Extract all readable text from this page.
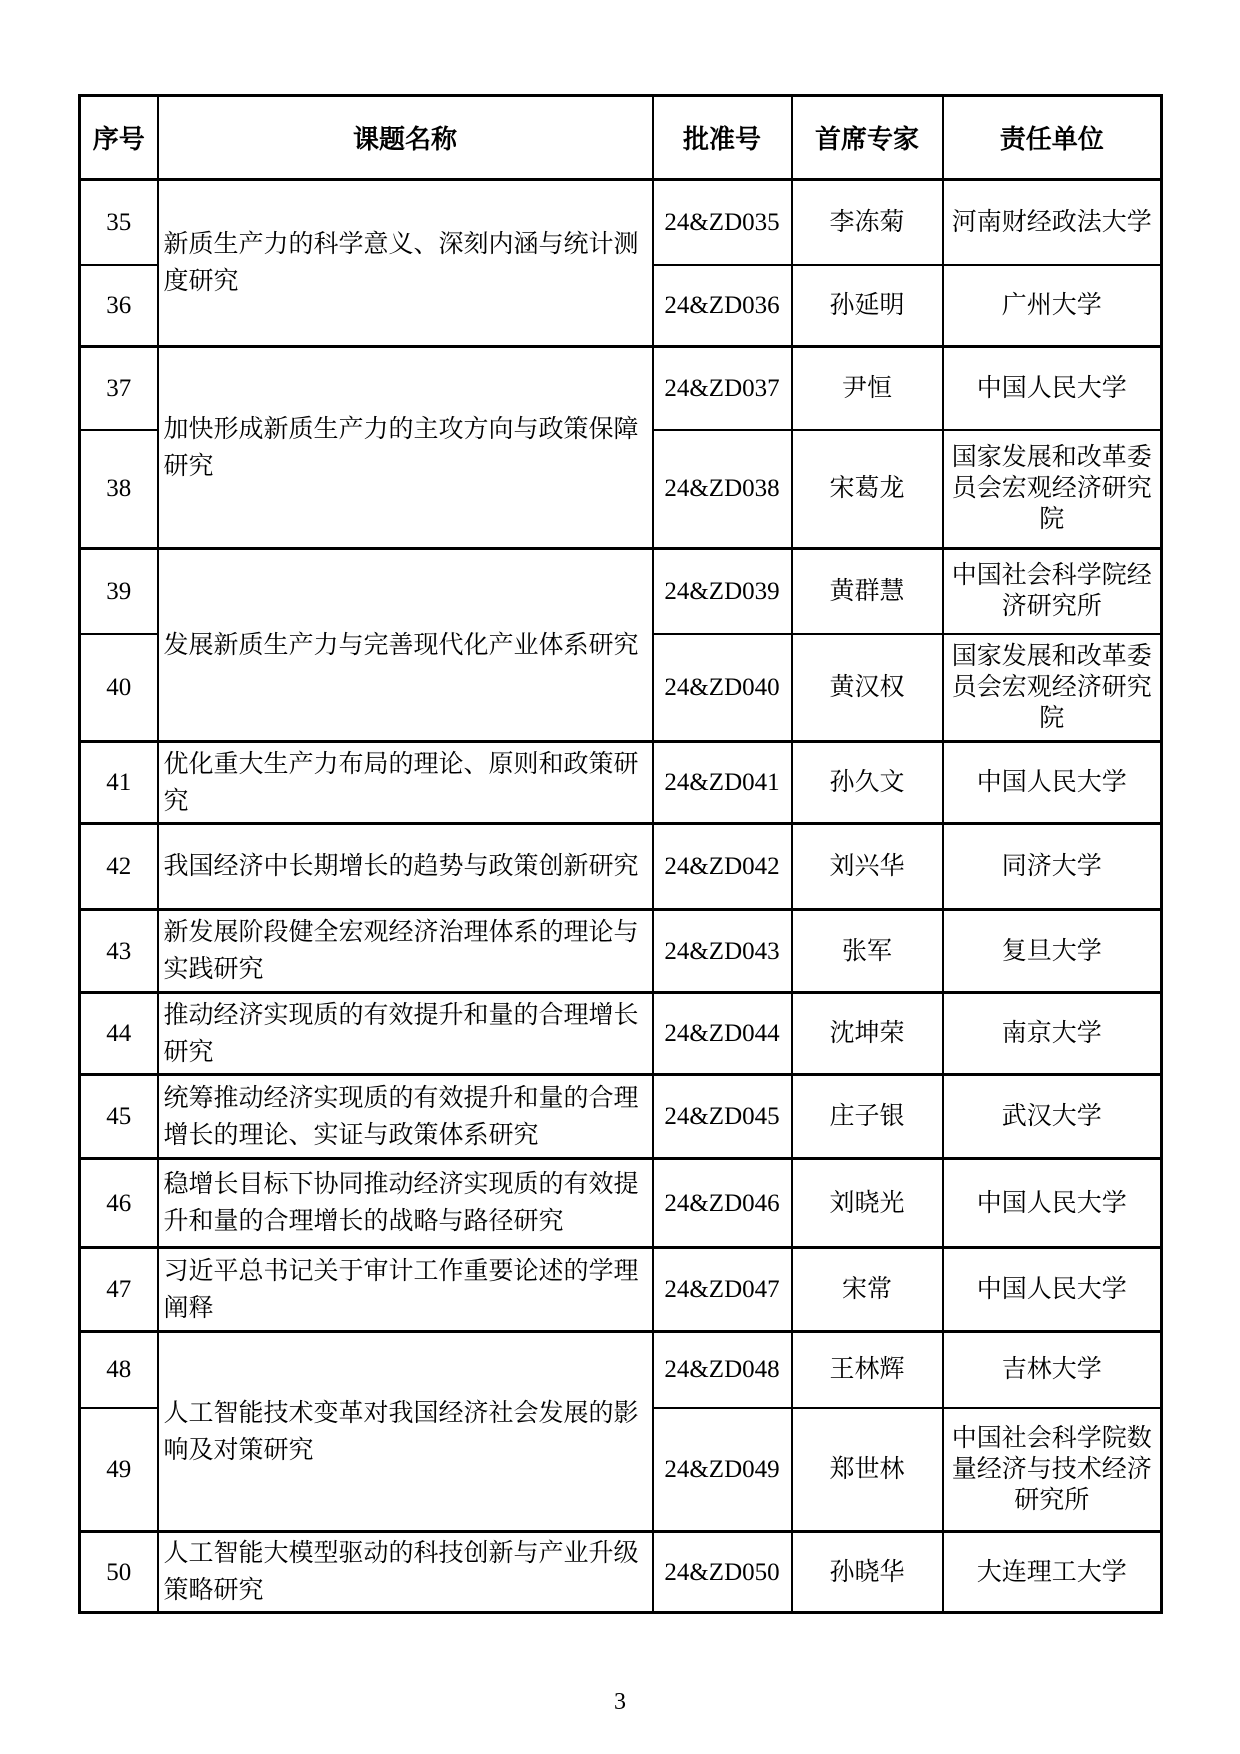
序号	课题名称	批准号	首席专家	责任单位
35	新质生产力的科学意义、深刻内涵与统计测度研究	24&ZD035	李冻菊	河南财经政法大学
36		24&ZD036	孙延明	广州大学
37	加快形成新质生产力的主攻方向与政策保障研究	24&ZD037	尹恒	中国人民大学
38		24&ZD038	宋葛龙	国家发展和改革委员会宏观经济研究院
39	发展新质生产力与完善现代化产业体系研究	24&ZD039	黄群慧	中国社会科学院经济研究所
40		24&ZD040	黄汉权	国家发展和改革委员会宏观经济研究院
41	优化重大生产力布局的理论、原则和政策研究	24&ZD041	孙久文	中国人民大学
42	我国经济中长期增长的趋势与政策创新研究	24&ZD042	刘兴华	同济大学
43	新发展阶段健全宏观经济治理体系的理论与实践研究	24&ZD043	张军	复旦大学
44	推动经济实现质的有效提升和量的合理增长研究	24&ZD044	沈坤荣	南京大学
45	统筹推动经济实现质的有效提升和量的合理增长的理论、实证与政策体系研究	24&ZD045	庄子银	武汉大学
46	稳增长目标下协同推动经济实现质的有效提升和量的合理增长的战略与路径研究	24&ZD046	刘晓光	中国人民大学
47	习近平总书记关于审计工作重要论述的学理阐释	24&ZD047	宋常	中国人民大学
48	人工智能技术变革对我国经济社会发展的影响及对策研究	24&ZD048	王林辉	吉林大学
49		24&ZD049	郑世林	中国社会科学院数量经济与技术经济研究所
50	人工智能大模型驱动的科技创新与产业升级策略研究	24&ZD050	孙晓华	大连理工大学
3
